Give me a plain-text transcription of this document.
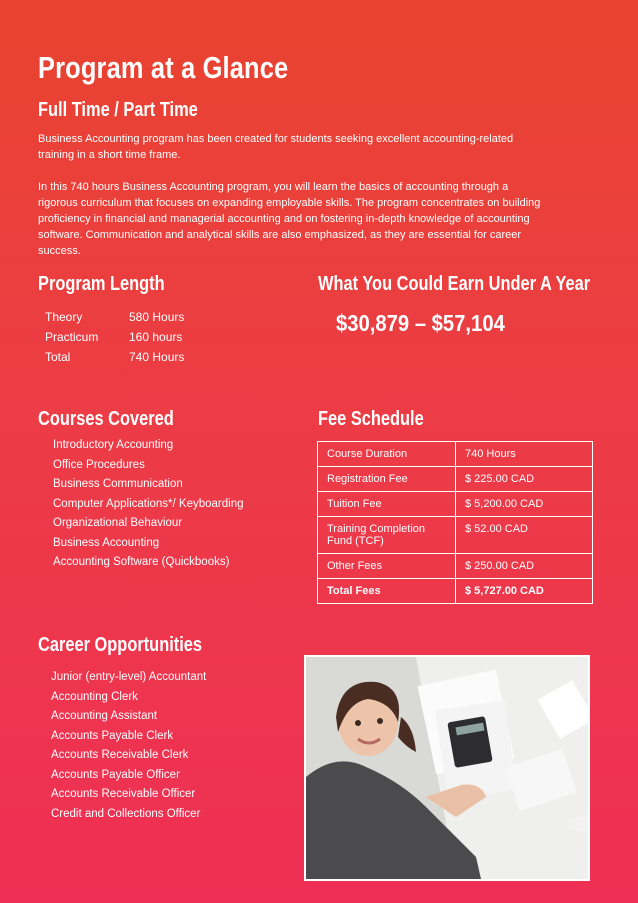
Program at a Glance
Full Time / Part Time
Business Accounting program has been created for students seeking excellent accounting-related
training in a short time frame.
In this 740 hours Business Accounting program, you will learn the basics of accounting through a
rigorous curriculum that focuses on expanding employable skills. The program concentrates on building
proficiency in financial and managerial accounting and on fostering in-depth knowledge of accounting
software. Communication and analytical skills are also emphasized, as they are essential for career
success.
Program Length
Theory	580 Hours
Practicum	160 hours
Total	740 Hours
What You Could Earn Under A Year
$30,879 – $57,104
Courses Covered
Introductory Accounting
Office Procedures
Business Communication
Computer Applications*/ Keyboarding
Organizational Behaviour
Business Accounting
Accounting Software (Quickbooks)
Fee Schedule
Course Duration	740 Hours
Registration Fee	$ 225.00 CAD
Tuition Fee	$ 5,200.00 CAD

Training Completion
Fund (TCF)	$ 52.00 CAD
Other Fees	$ 250.00 CAD
Total Fees	$ 5,727.00 CAD
Career Opportunities
Junior (entry-level) Accountant
Accounting Clerk
Accounting Assistant
Accounts Payable Clerk
Accounts Receivable Clerk
Accounts Payable Officer
Accounts Receivable Officer
Credit and Collections Officer
